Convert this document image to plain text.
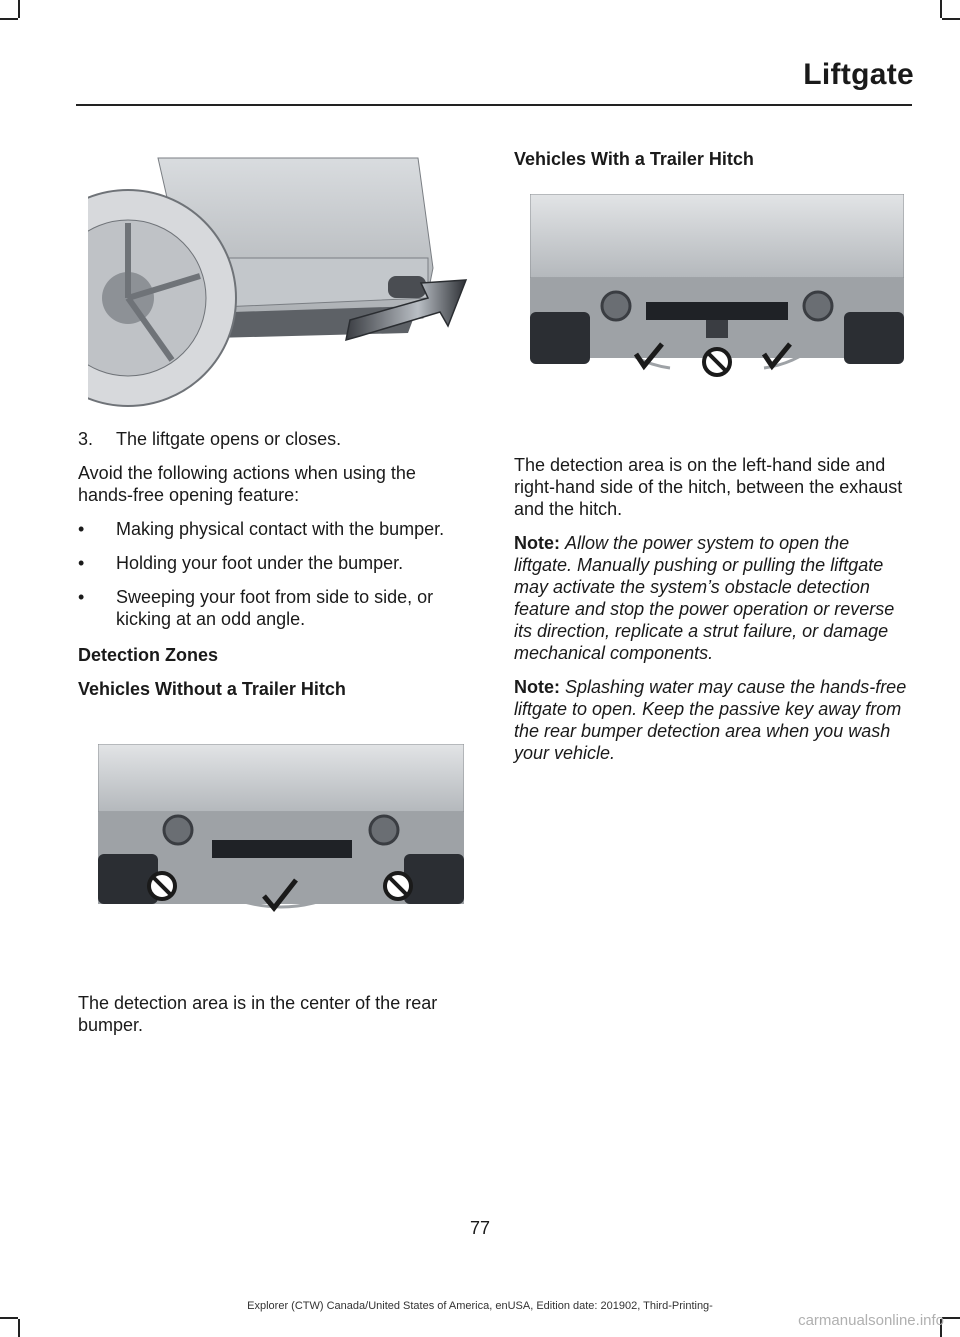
Liftgate
3.	The liftgate opens or closes.

Avoid the following actions when using the hands-free opening feature:

•	Making physical contact with the bumper.
•	Holding your foot under the bumper.
•	Sweeping your foot from side to side, or kicking at an odd angle.
Detection Zones
Vehicles Without a Trailer Hitch

The detection area is in the center of the rear bumper.

Vehicles With a Trailer Hitch

The detection area is on the left-hand side and right-hand side of the hitch, between the exhaust and the hitch.

Note: Allow the power system to open the liftgate. Manually pushing or pulling the liftgate may activate the system’s obstacle detection feature and stop the power operation or reverse its direction, replicate a strut failure, or damage mechanical components.

Note: Splashing water may cause the hands-free liftgate to open. Keep the passive key away from the rear bumper detection area when you wash your vehicle.

77
Explorer (CTW) Canada/United States of America, enUSA, Edition date: 201902, Third-Printing-
carmanualsonline.info
